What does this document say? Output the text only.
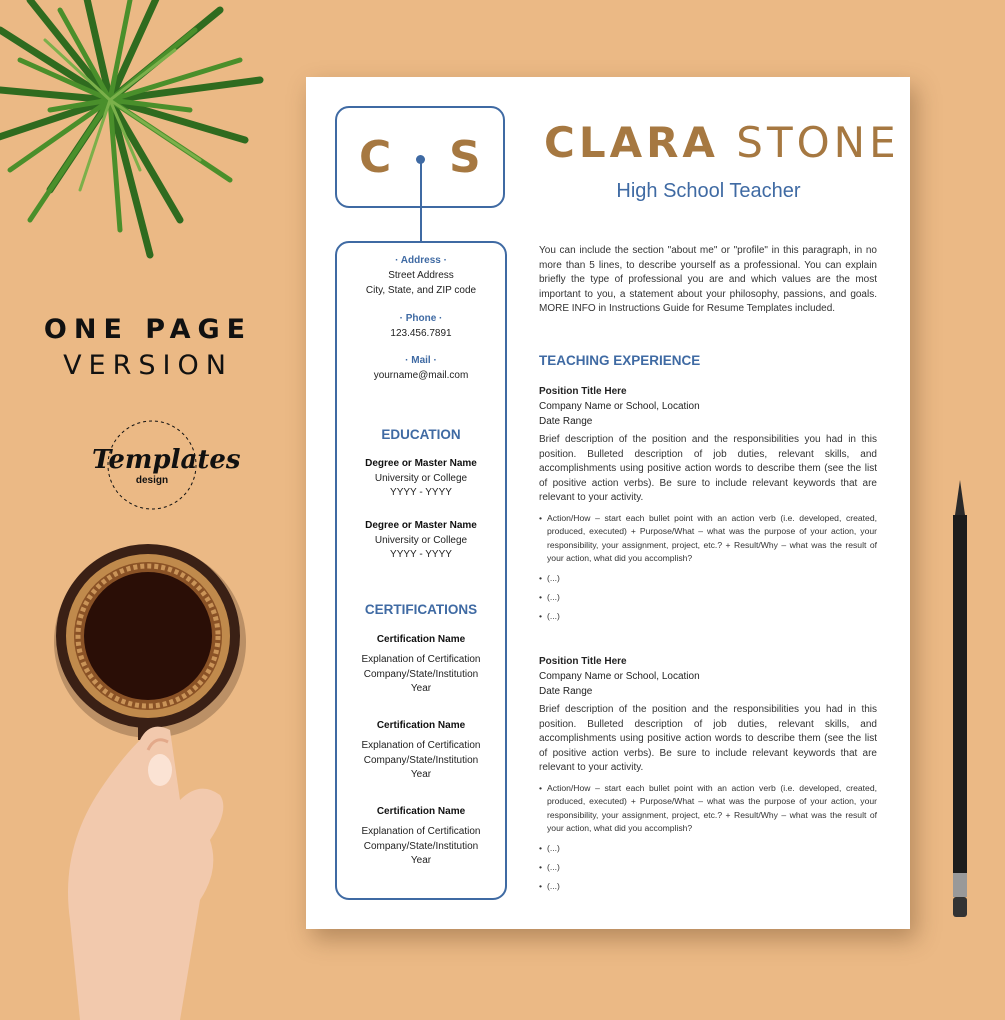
ONE PAGE
VERSION
Templates
design
C S
· Address ·
Street Address
City, State, and ZIP code
· Phone ·
123.456.7891
· Mail ·
yourname@mail.com
EDUCATION
Degree or Master Name
University or College
YYYY - YYYY
Degree or Master Name
University or College
YYYY - YYYY
CERTIFICATIONS
Certification Name
Explanation of Certification
Company/State/Institution
Year
Certification Name
Explanation of Certification
Company/State/Institution
Year
Certification Name
Explanation of Certification
Company/State/Institution
Year
CLARA STONE
High School Teacher
You can include the section "about me" or "profile" in this paragraph, in no more than 5 lines, to describe yourself as a professional. You can explain briefly the type of professional you are and which values are the most important to you, a statement about your philosophy, passions, and goals. MORE INFO in Instructions Guide for Resume Templates included.
TEACHING EXPERIENCE
Position Title Here
Company Name or School, Location
Date Range
Brief description of the position and the responsibilities you had in this position. Bulleted description of job duties, relevant skills, and accomplishments using positive action words to describe them (see the list of positive action verbs). Be sure to include relevant keywords that are relevant to your activity.
• Action/How – start each bullet point with an action verb (i.e. developed, created, produced, executed) + Purpose/What – what was the purpose of your action, your responsibility, your assignment, project, etc.? + Result/Why – what was the result of your action, what did you accomplish?
• (...)
• (...)
• (...)
Position Title Here
Company Name or School, Location
Date Range
Brief description of the position and the responsibilities you had in this position. Bulleted description of job duties, relevant skills, and accomplishments using positive action words to describe them (see the list of positive action verbs). Be sure to include relevant keywords that are relevant to your activity.
• Action/How – start each bullet point with an action verb (i.e. developed, created, produced, executed) + Purpose/What – what was the purpose of your action, your responsibility, your assignment, project, etc.? + Result/Why – what was the result of your action, what did you accomplish?
• (...)
• (...)
• (...)
